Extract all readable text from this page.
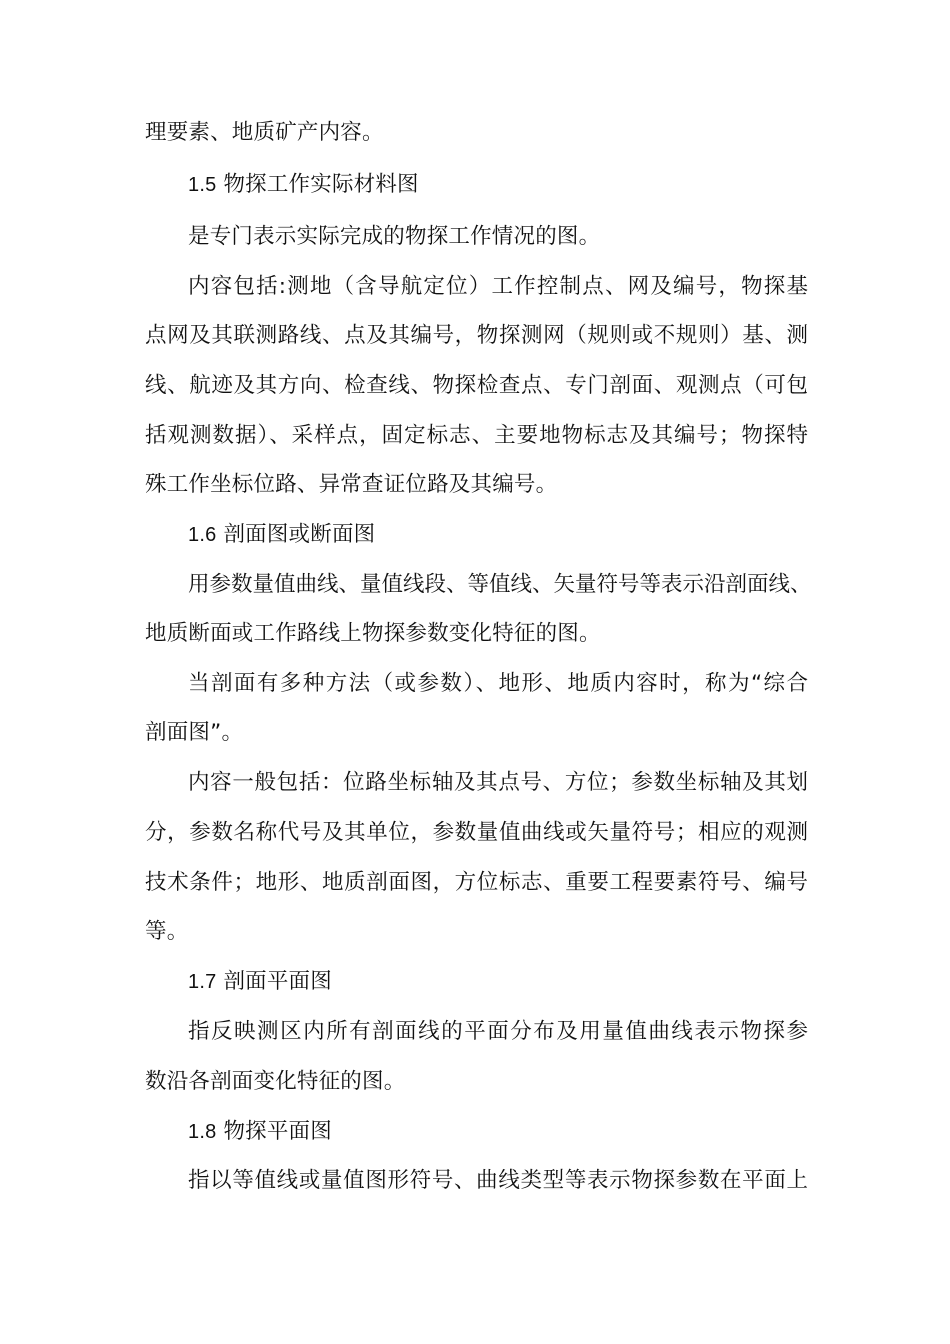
理要素、地质矿产内容。
1.5 物探工作实际材料图
是专门表示实际完成的物探工作情况的图。
内容包括:测地（含导航定位）工作控制点、网及编号，物探基
点网及其联测路线、点及其编号，物探测网（规则或不规则）基、测
线、航迹及其方向、检查线、物探检查点、专门剖面、观测点（可包
括观测数据）、采样点，固定标志、主要地物标志及其编号；物探特
殊工作坐标位路、异常查证位路及其编号。
1.6 剖面图或断面图
用参数量值曲线、量值线段、等值线、矢量符号等表示沿剖面线、
地质断面或工作路线上物探参数变化特征的图。
当剖面有多种方法（或参数）、地形、地质内容时，称为“综合
剖面图”。
内容一般包括：位路坐标轴及其点号、方位；参数坐标轴及其划
分，参数名称代号及其单位，参数量值曲线或矢量符号；相应的观测
技术条件；地形、地质剖面图，方位标志、重要工程要素符号、编号
等。
1.7 剖面平面图
指反映测区内所有剖面线的平面分布及用量值曲线表示物探参
数沿各剖面变化特征的图。
1.8 物探平面图
指以等值线或量值图形符号、曲线类型等表示物探参数在平面上
